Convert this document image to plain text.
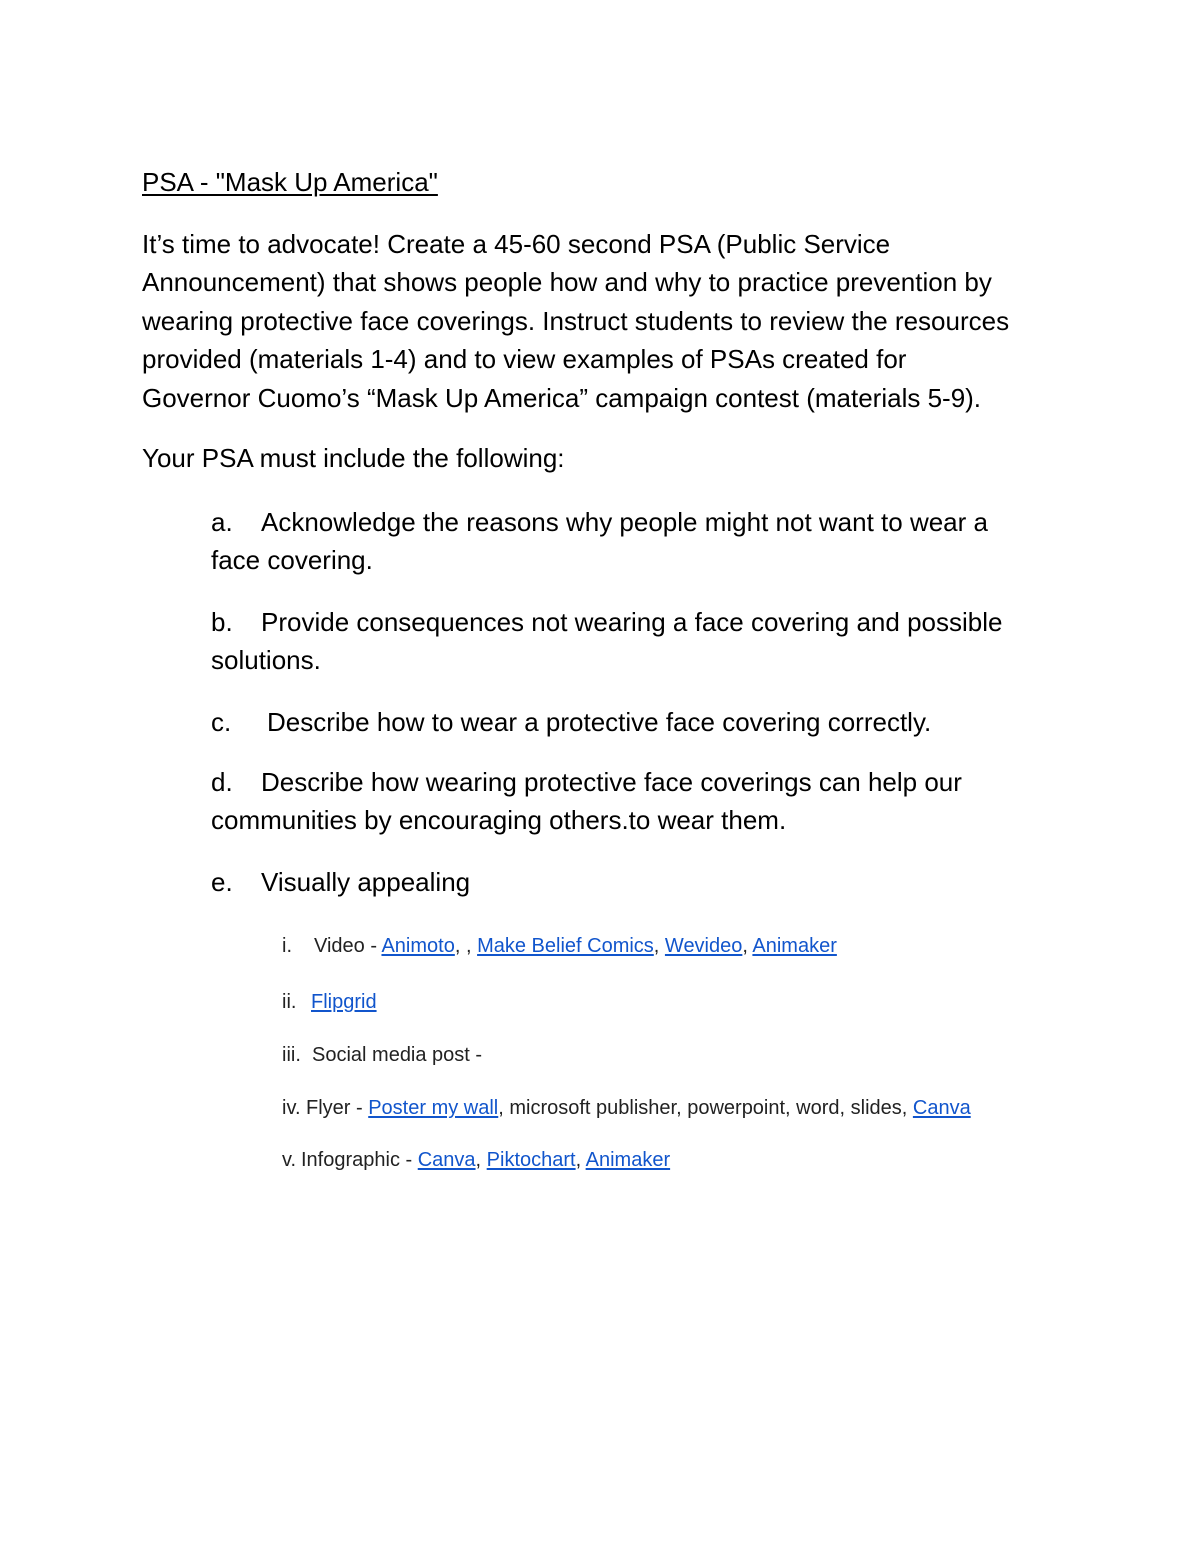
PSA - "Mask Up America"

It’s time to advocate! Create a 45-60 second PSA (Public Service
Announcement) that shows people how and why to practice prevention by
wearing protective face coverings. Instruct students to review the resources
provided (materials 1-4) and to view examples of PSAs created for
Governor Cuomo’s “Mask Up America” campaign contest (materials 5-9).

Your PSA must include the following:
a. Acknowledge the reasons why people might not want to wear a
face covering.
b. Provide consequences not wearing a face covering and possible
solutions.
c. Describe how to wear a protective face covering correctly.
d. Describe how wearing protective face coverings can help our
communities by encouraging others.to wear them.
e. Visually appealing
i. Video - Animoto, , Make Belief Comics, Wevideo, Animaker
ii. Flipgrid
iii. Social media post -
iv. Flyer - Poster my wall, microsoft publisher, powerpoint, word, slides, Canva
v. Infographic - Canva, Piktochart, Animaker
